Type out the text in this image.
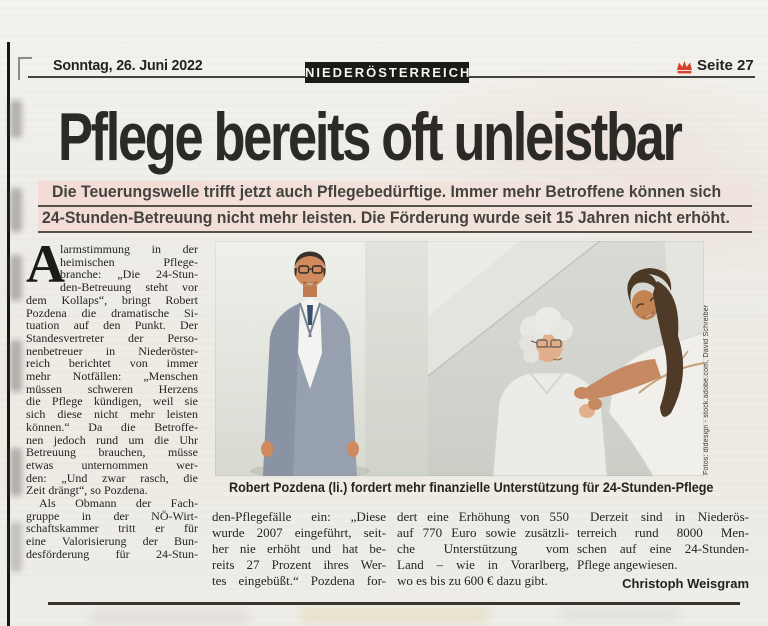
Sonntag, 26. Juni 2022	NIEDERÖSTERREICH	Seite 27
Pflege bereits oft unleistbar
Die Teuerungswelle trifft jetzt auch Pflegebedürftige. Immer mehr Betroffene können sich
24-Stunden-Betreuung nicht mehr leisten. Die Förderung wurde seit 15 Jahren nicht erhöht.
A
larmstimmung in der
heimischen Pflege-
branche: „Die 24-Stun-
den-Betreuung steht vor
dem Kollaps“, bringt Robert
Pozdena die dramatische Si-
tuation auf den Punkt. Der
Standesvertreter der Perso-
nenbetreuer in Niederöster-
reich berichtet von immer
mehr Notfällen: „Menschen
müssen schweren Herzens
die Pflege kündigen, weil sie
sich diese nicht mehr leisten
können.“ Da die Betroffe-
nen jedoch rund um die Uhr
Betreuung brauchen, müsse
etwas unternommen wer-
den: „Und zwar rasch, die
Zeit drängt“, so Pozdena.
Als Obmann der Fach-
gruppe in der NÖ-Wirt-
schaftskammer tritt er für
eine Valorisierung der Bun-
desförderung für 24-Stun-
Fotos: didesign - stock.adobe.com, David Schreiber
Robert Pozdena (li.) fordert mehr finanzielle Unterstützung für 24-Stunden-Pflege
den-Pflegefälle ein: „Diese
wurde 2007 eingeführt, seit-
her nie erhöht und hat be-
reits 27 Prozent ihres Wer-
tes eingebüßt.“ Pozdena for-
dert eine Erhöhung von 550
auf 770 Euro sowie zusätzli-
che Unterstützung vom
Land – wie in Vorarlberg,
wo es bis zu 600 € dazu gibt.
Derzeit sind in Niederös-
terreich rund 8000 Men-
schen auf eine 24-Stunden-
Pflege angewiesen.
Christoph Weisgram
